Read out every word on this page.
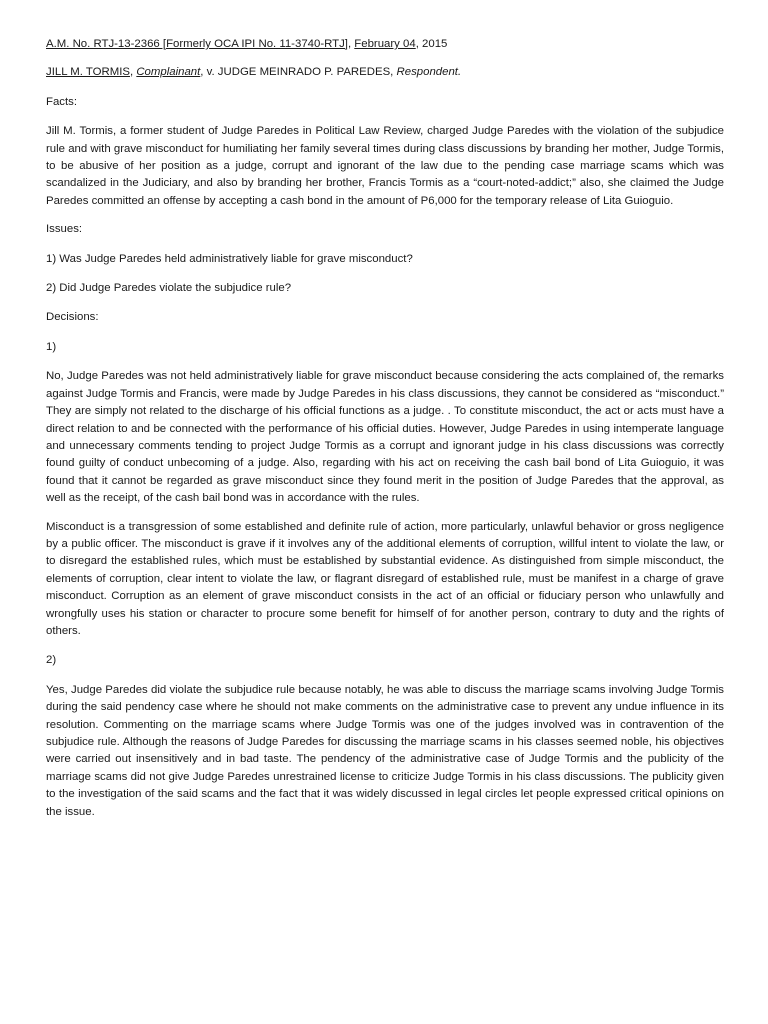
A.M. No. RTJ-13-2366 [Formerly OCA IPI No. 11-3740-RTJ], February 04, 2015

JILL M. TORMIS, Complainant, v. JUDGE MEINRADO P. PAREDES, Respondent.

Facts:

Jill M. Tormis, a former student of Judge Paredes in Political Law Review, charged Judge Paredes with the violation of the subjudice rule and with grave misconduct for humiliating her family several times during class discussions by branding her mother, Judge Tormis, to be abusive of her position as a judge, corrupt and ignorant of the law due to the pending case marriage scams which was scandalized in the Judiciary, and also by branding her brother, Francis Tormis as a “court-noted-addict;” also, she claimed the Judge Paredes committed an offense by accepting a cash bond in the amount of P6,000 for the temporary release of Lita Guioguio.

Issues:

1) Was Judge Paredes held administratively liable for grave misconduct?

2) Did Judge Paredes violate the subjudice rule?

Decisions:

1)

No, Judge Paredes was not held administratively liable for grave misconduct because considering the acts complained of, the remarks against Judge Tormis and Francis, were made by Judge Paredes in his class discussions, they cannot be considered as “misconduct.” They are simply not related to the discharge of his official functions as a judge. . To constitute misconduct, the act or acts must have a direct relation to and be connected with the performance of his official duties. However, Judge Paredes in using intemperate language and unnecessary comments tending to project Judge Tormis as a corrupt and ignorant judge in his class discussions was correctly found guilty of conduct unbecoming of a judge. Also, regarding with his act on receiving the cash bail bond of Lita Guioguio, it was found that it cannot be regarded as grave misconduct since they found merit in the position of Judge Paredes that the approval, as well as the receipt, of the cash bail bond was in accordance with the rules.

Misconduct is a transgression of some established and definite rule of action, more particularly, unlawful behavior or gross negligence by a public officer. The misconduct is grave if it involves any of the additional elements of corruption, willful intent to violate the law, or to disregard the established rules, which must be established by substantial evidence. As distinguished from simple misconduct, the elements of corruption, clear intent to violate the law, or flagrant disregard of established rule, must be manifest in a charge of grave misconduct. Corruption as an element of grave misconduct consists in the act of an official or fiduciary person who unlawfully and wrongfully uses his station or character to procure some benefit for himself of for another person, contrary to duty and the rights of others.

2)

Yes, Judge Paredes did violate the subjudice rule because notably, he was able to discuss the marriage scams involving Judge Tormis during the said pendency case where he should not make comments on the administrative case to prevent any undue influence in its resolution. Commenting on the marriage scams where Judge Tormis was one of the judges involved was in contravention of the subjudice rule. Although the reasons of Judge Paredes for discussing the marriage scams in his classes seemed noble, his objectives were carried out insensitively and in bad taste. The pendency of the administrative case of Judge Tormis and the publicity of the marriage scams did not give Judge Paredes unrestrained license to criticize Judge Tormis in his class discussions. The publicity given to the investigation of the said scams and the fact that it was widely discussed in legal circles let people expressed critical opinions on the issue.
